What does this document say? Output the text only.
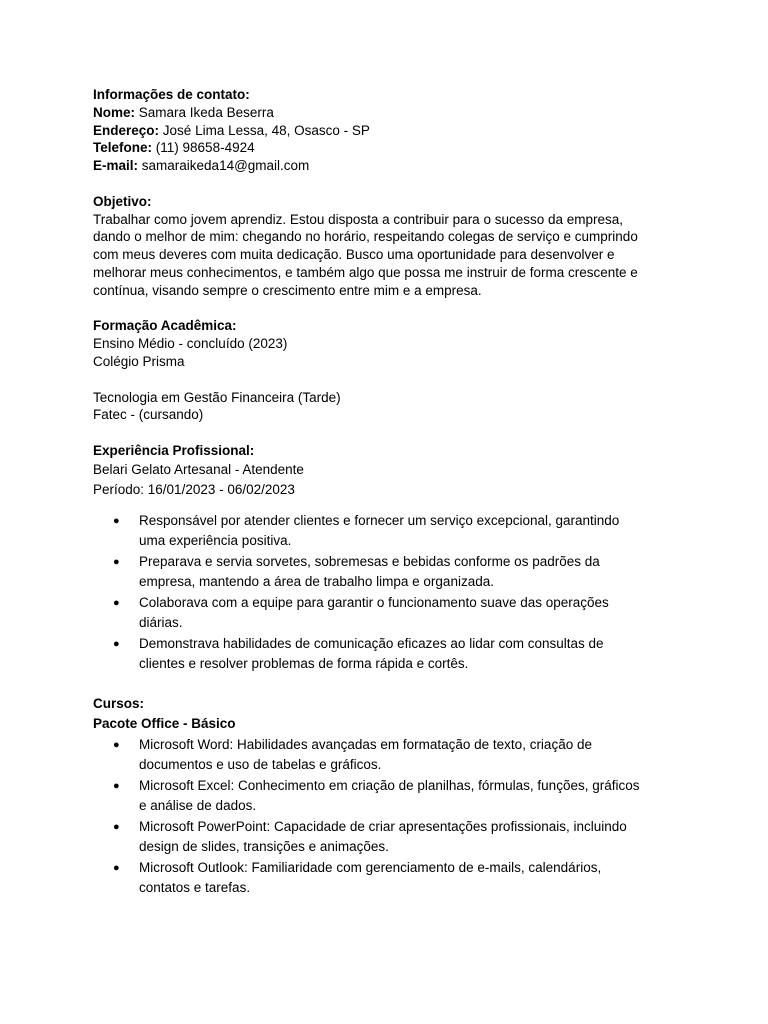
Informações de contato:

Nome: Samara Ikeda Beserra

Endereço: José Lima Lessa, 48, Osasco - SP

Telefone: (11) 98658-4924

E-mail: samaraikeda14@gmail.com

Objetivo:

Trabalhar como jovem aprendiz. Estou disposta a contribuir para o sucesso da empresa,

dando o melhor de mim: chegando no horário, respeitando colegas de serviço e cumprindo

com meus deveres com muita dedicação. Busco uma oportunidade para desenvolver e

melhorar meus conhecimentos, e também algo que possa me instruir de forma crescente e

contínua, visando sempre o crescimento entre mim e a empresa.

Formação Acadêmica:

Ensino Médio - concluído (2023)

Colégio Prisma

Tecnologia em Gestão Financeira (Tarde)

Fatec - (cursando)

Experiência Profissional:

Belari Gelato Artesanal - Atendente

Período: 16/01/2023 - 06/02/2023

● Responsável por atender clientes e fornecer um serviço excepcional, garantindo
uma experiência positiva.
● Preparava e servia sorvetes, sobremesas e bebidas conforme os padrões da
empresa, mantendo a área de trabalho limpa e organizada.
● Colaborava com a equipe para garantir o funcionamento suave das operações
diárias.
● Demonstrava habilidades de comunicação eficazes ao lidar com consultas de
clientes e resolver problemas de forma rápida e cortês.

Cursos:

Pacote Office - Básico

● Microsoft Word: Habilidades avançadas em formatação de texto, criação de
documentos e uso de tabelas e gráficos.
● Microsoft Excel: Conhecimento em criação de planilhas, fórmulas, funções, gráficos
e análise de dados.
● Microsoft PowerPoint: Capacidade de criar apresentações profissionais, incluindo
design de slides, transições e animações.
● Microsoft Outlook: Familiaridade com gerenciamento de e-mails, calendários,
contatos e tarefas.
